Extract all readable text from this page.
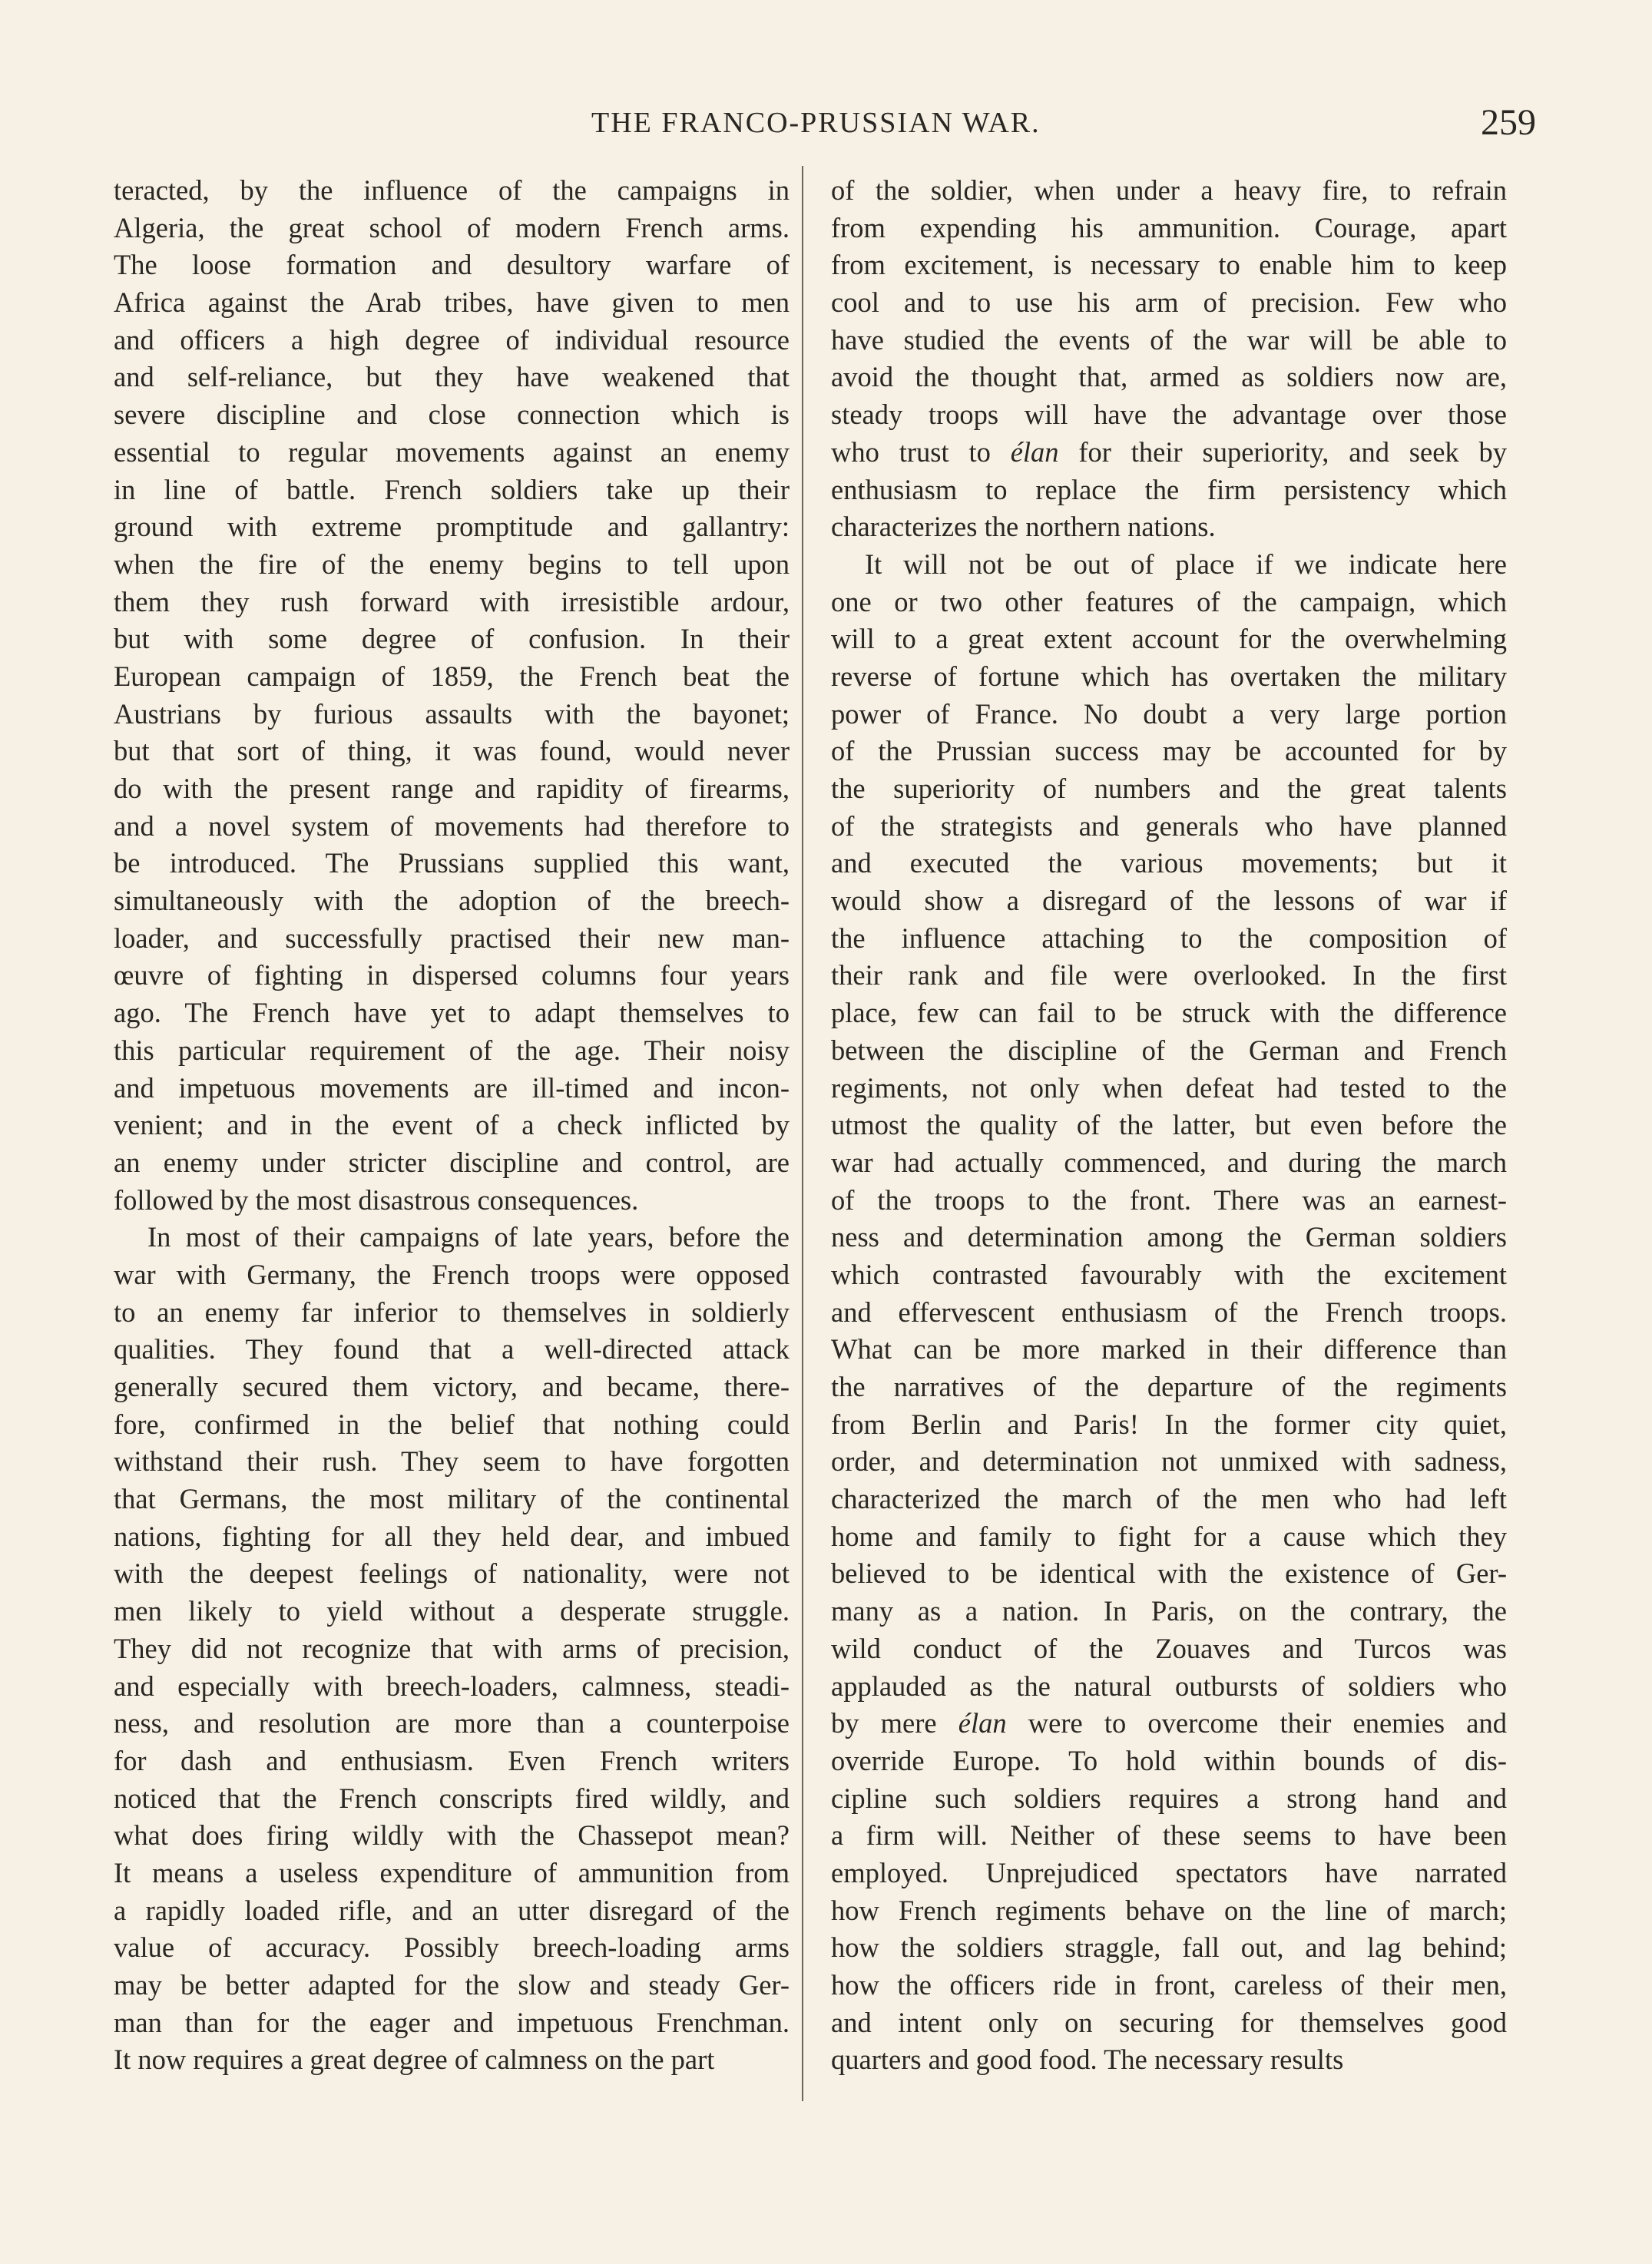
THE FRANCO-PRUSSIAN WAR.	259
teracted, by the influence of the campaigns in
Algeria, the great school of modern French arms.
The loose formation and desultory warfare of
Africa against the Arab tribes, have given to men
and officers a high degree of individual resource
and self-reliance, but they have weakened that
severe discipline and close connection which is
essential to regular movements against an enemy
in line of battle. French soldiers take up their
ground with extreme promptitude and gallantry:
when the fire of the enemy begins to tell upon
them they rush forward with irresistible ardour,
but with some degree of confusion. In their
European campaign of 1859, the French beat the
Austrians by furious assaults with the bayonet;
but that sort of thing, it was found, would never
do with the present range and rapidity of firearms,
and a novel system of movements had therefore to
be introduced. The Prussians supplied this want,
simultaneously with the adoption of the breech-
loader, and successfully practised their new man-
œuvre of fighting in dispersed columns four years
ago. The French have yet to adapt themselves to
this particular requirement of the age. Their noisy
and impetuous movements are ill-timed and incon-
venient; and in the event of a check inflicted by
an enemy under stricter discipline and control, are
followed by the most disastrous consequences.
In most of their campaigns of late years, before the
war with Germany, the French troops were opposed
to an enemy far inferior to themselves in soldierly
qualities. They found that a well-directed attack
generally secured them victory, and became, there-
fore, confirmed in the belief that nothing could
withstand their rush. They seem to have forgotten
that Germans, the most military of the continental
nations, fighting for all they held dear, and imbued
with the deepest feelings of nationality, were not
men likely to yield without a desperate struggle.
They did not recognize that with arms of precision,
and especially with breech-loaders, calmness, steadi-
ness, and resolution are more than a counterpoise
for dash and enthusiasm. Even French writers
noticed that the French conscripts fired wildly, and
what does firing wildly with the Chassepot mean?
It means a useless expenditure of ammunition from
a rapidly loaded rifle, and an utter disregard of the
value of accuracy. Possibly breech-loading arms
may be better adapted for the slow and steady Ger-
man than for the eager and impetuous Frenchman.
It now requires a great degree of calmness on the part
of the soldier, when under a heavy fire, to refrain
from expending his ammunition. Courage, apart
from excitement, is necessary to enable him to keep
cool and to use his arm of precision. Few who
have studied the events of the war will be able to
avoid the thought that, armed as soldiers now are,
steady troops will have the advantage over those
who trust to élan for their superiority, and seek by
enthusiasm to replace the firm persistency which
characterizes the northern nations.
It will not be out of place if we indicate here
one or two other features of the campaign, which
will to a great extent account for the overwhelming
reverse of fortune which has overtaken the military
power of France. No doubt a very large portion
of the Prussian success may be accounted for by
the superiority of numbers and the great talents
of the strategists and generals who have planned
and executed the various movements; but it
would show a disregard of the lessons of war if
the influence attaching to the composition of
their rank and file were overlooked. In the first
place, few can fail to be struck with the difference
between the discipline of the German and French
regiments, not only when defeat had tested to the
utmost the quality of the latter, but even before the
war had actually commenced, and during the march
of the troops to the front. There was an earnest-
ness and determination among the German soldiers
which contrasted favourably with the excitement
and effervescent enthusiasm of the French troops.
What can be more marked in their difference than
the narratives of the departure of the regiments
from Berlin and Paris! In the former city quiet,
order, and determination not unmixed with sadness,
characterized the march of the men who had left
home and family to fight for a cause which they
believed to be identical with the existence of Ger-
many as a nation. In Paris, on the contrary, the
wild conduct of the Zouaves and Turcos was
applauded as the natural outbursts of soldiers who
by mere élan were to overcome their enemies and
override Europe. To hold within bounds of dis-
cipline such soldiers requires a strong hand and
a firm will. Neither of these seems to have been
employed. Unprejudiced spectators have narrated
how French regiments behave on the line of march;
how the soldiers straggle, fall out, and lag behind;
how the officers ride in front, careless of their men,
and intent only on securing for themselves good
quarters and good food. The necessary results
